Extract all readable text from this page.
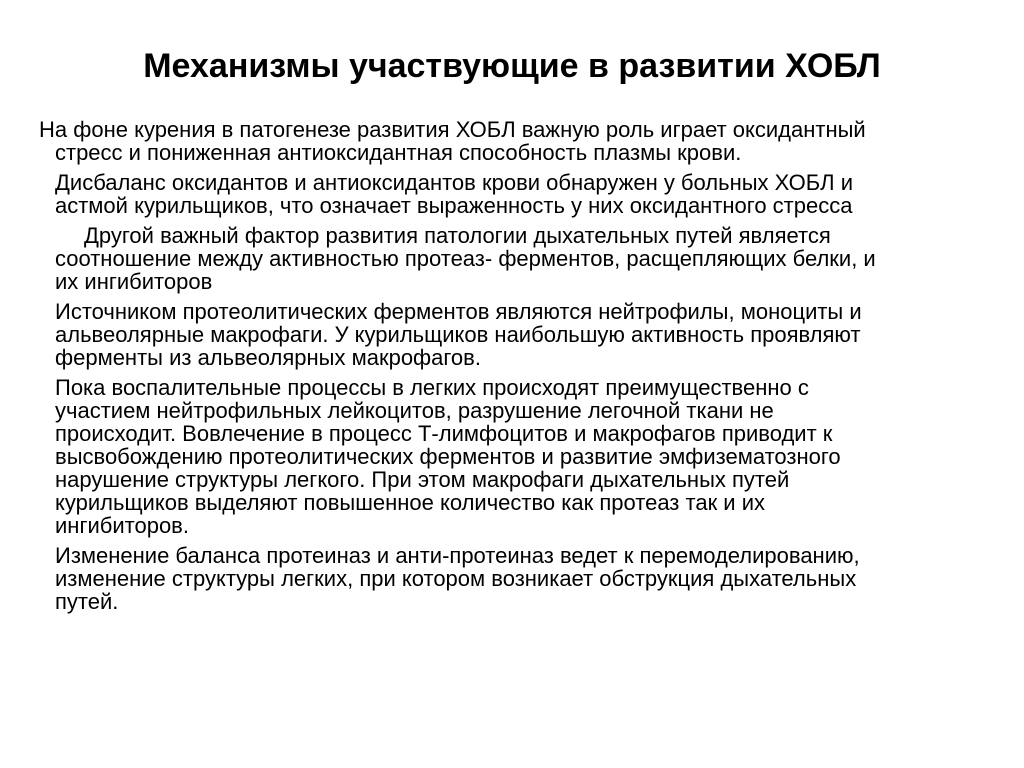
Механизмы участвующие в развитии ХОБЛ

На фоне курения в патогенезе развития ХОБЛ важную роль играет оксидантный
стресс и пониженная антиоксидантная способность плазмы крови.

Дисбаланс оксидантов и антиоксидантов крови обнаружен у больных ХОБЛ и
астмой курильщиков, что означает выраженность у них оксидантного стресса

Другой важный фактор развития патологии дыхательных путей является
соотношение между активностью протеаз- ферментов, расщепляющих белки, и
их ингибиторов

Источником протеолитических ферментов являются нейтрофилы, моноциты и
альвеолярные макрофаги. У курильщиков наибольшую активность проявляют
ферменты из альвеолярных макрофагов.

Пока воспалительные процессы в легких происходят преимущественно с
участием нейтрофильных лейкоцитов, разрушение легочной ткани не
происходит. Вовлечение в процесс Т-лимфоцитов и макрофагов приводит к
высвобождению протеолитических ферментов и развитие эмфизематозного
нарушение структуры легкого. При этом макрофаги дыхательных путей
курильщиков выделяют повышенное количество как протеаз так и их
ингибиторов.

Изменение баланса протеиназ и анти-протеиназ ведет к перемоделированию,
изменение структуры легких, при котором возникает обструкция дыхательных
путей.
